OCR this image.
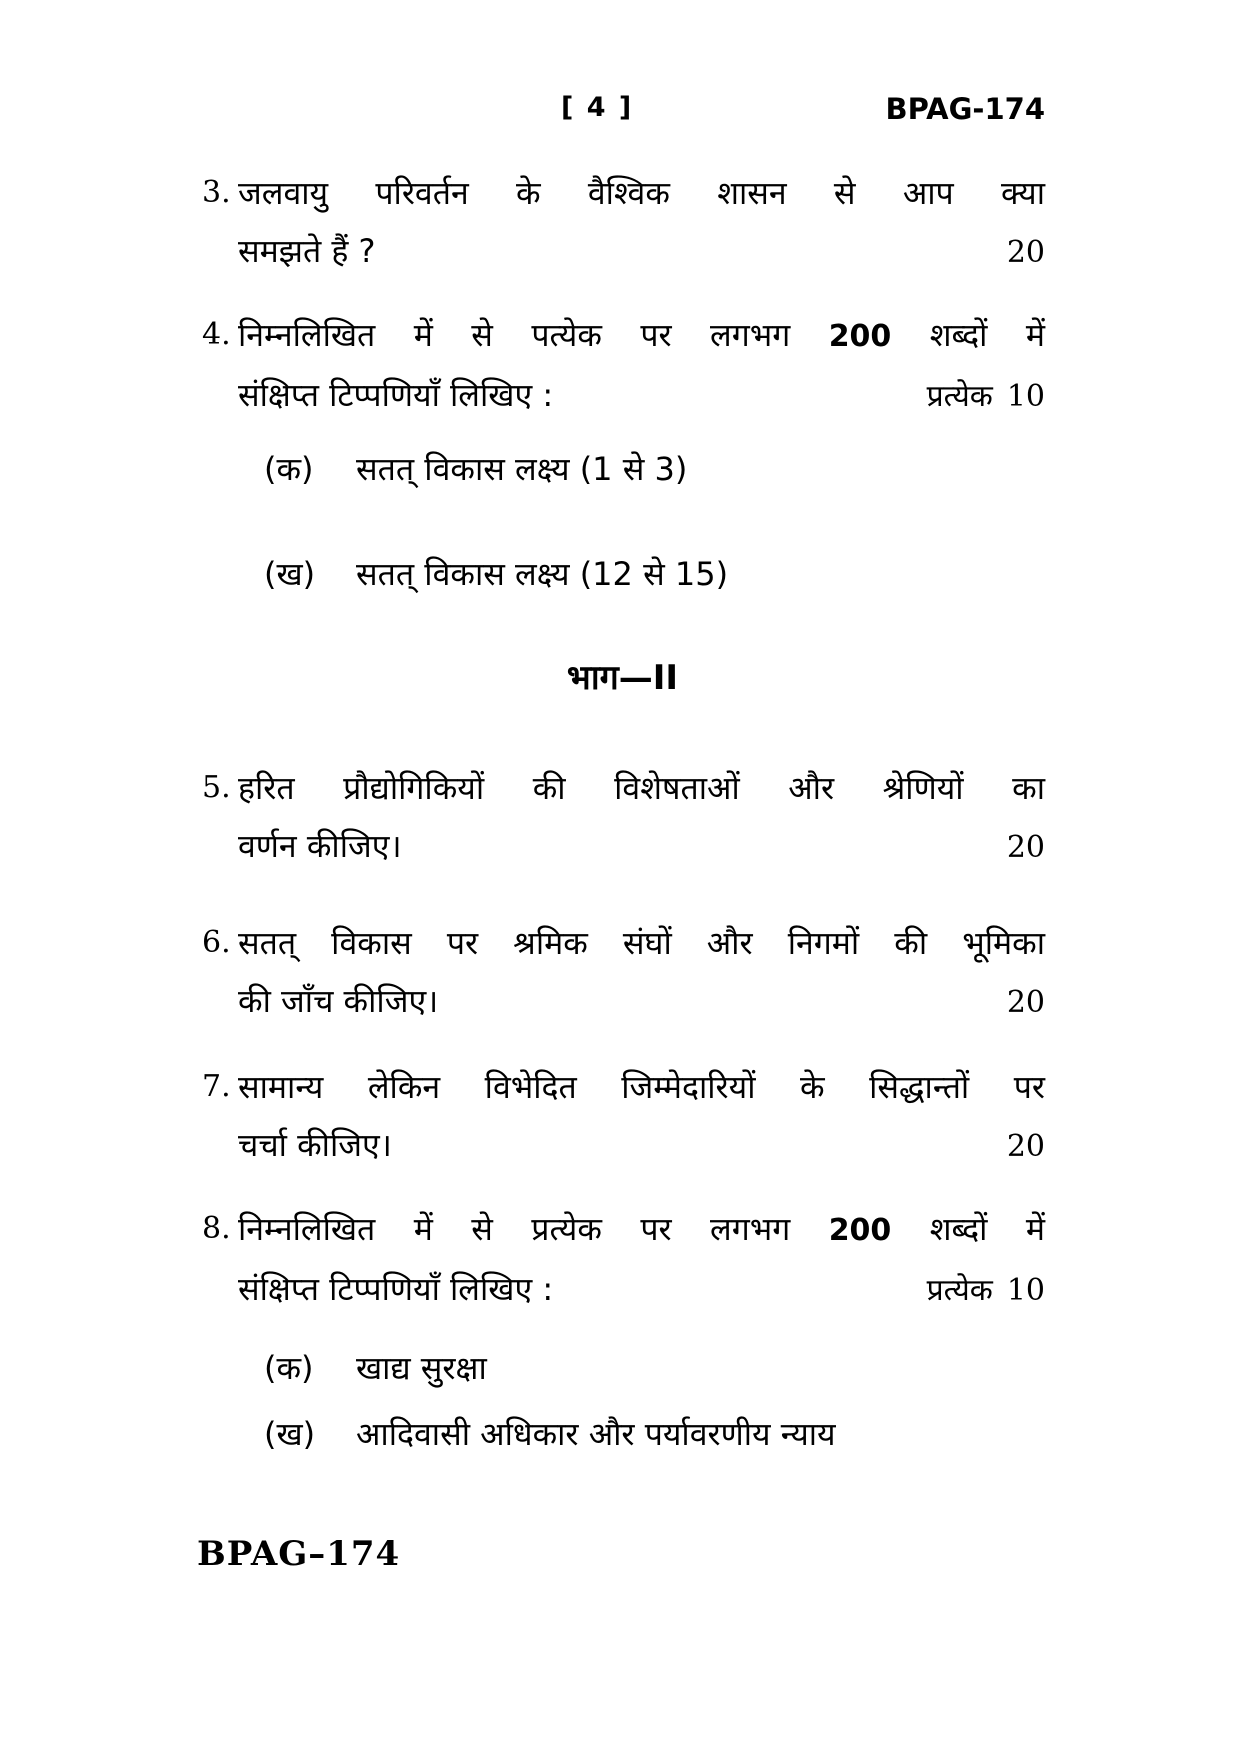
[ 4 ]	BPAG-174
3. जलवायु परिवर्तन के वैश्विक शासन से आप क्या
समझते हैं ?	20
4. निम्नलिखित में से पत्येक पर लगभग 200 शब्दों में
संक्षिप्त टिप्पणियाँ लिखिए :	प्रत्येक 10
(क)	सतत् विकास लक्ष्य (1 से 3)
(ख)	सतत् विकास लक्ष्य (12 से 15)
भाग—II
5. हरित प्रौद्योगिकियों की विशेषताओं और श्रेणियों का
वर्णन कीजिए।	20
6. सतत् विकास पर श्रमिक संघों और निगमों की भूमिका
की जाँच कीजिए।	20
7. सामान्य लेकिन विभेदित जिम्मेदारियों के सिद्धान्तों पर
चर्चा कीजिए।	20
8. निम्नलिखित में से प्रत्येक पर लगभग 200 शब्दों में
संक्षिप्त टिप्पणियाँ लिखिए :	प्रत्येक 10
(क)	खाद्य सुरक्षा
(ख)	आदिवासी अधिकार और पर्यावरणीय न्याय
BPAG–174
